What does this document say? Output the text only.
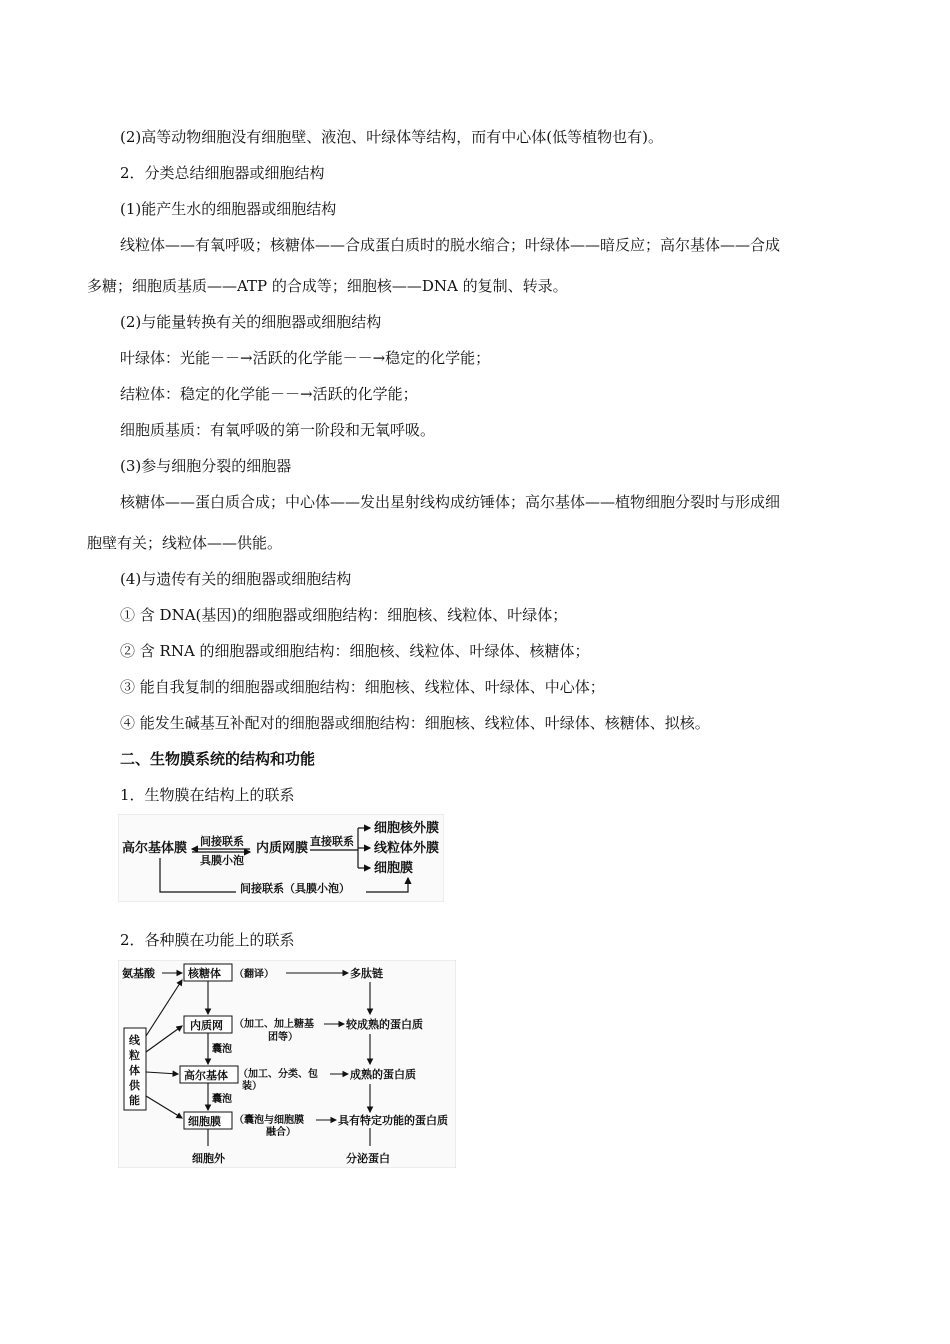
(2)高等动物细胞没有细胞壁、液泡、叶绿体等结构，而有中心体(低等植物也有)。
2．分类总结细胞器或细胞结构
(1)能产生水的细胞器或细胞结构
线粒体——有氧呼吸；核糖体——合成蛋白质时的脱水缩合；叶绿体——暗反应；高尔基体——合成
多糖；细胞质基质——ATP 的合成等；细胞核——DNA 的复制、转录。
(2)与能量转换有关的细胞器或细胞结构
叶绿体：光能－－→活跃的化学能－－→稳定的化学能；
结粒体：稳定的化学能－－→活跃的化学能；
细胞质基质：有氧呼吸的第一阶段和无氧呼吸。
(3)参与细胞分裂的细胞器
核糖体——蛋白质合成；中心体——发出星射线构成纺锤体；高尔基体——植物细胞分裂时与形成细
胞壁有关；线粒体——供能。
(4)与遗传有关的细胞器或细胞结构
① 含 DNA(基因)的细胞器或细胞结构：细胞核、线粒体、叶绿体；
② 含 RNA 的细胞器或细胞结构：细胞核、线粒体、叶绿体、核糖体；
③ 能自我复制的细胞器或细胞结构：细胞核、线粒体、叶绿体、中心体；
④ 能发生碱基互补配对的细胞器或细胞结构：细胞核、线粒体、叶绿体、核糖体、拟核。
二、生物膜系统的结构和功能
1．生物膜在结构上的联系
高尔基体膜 间接联系
具膜小泡
内质网膜 直接联系
细胞核外膜
线粒体外膜
细胞膜
间接联系（具膜小泡）
2．各种膜在功能上的联系
氨基酸	核糖体 （翻译）	多肽链
内质网 （加工、加上糖基
团等）
较成熟的蛋白质
囊泡
高尔基体 （加工、分类、包
装）
成熟的蛋白质
囊泡
细胞膜 （囊泡与细胞膜
融合）
具有特定功能的蛋白质
细胞外	分泌蛋白
线
粒
体
供
能
